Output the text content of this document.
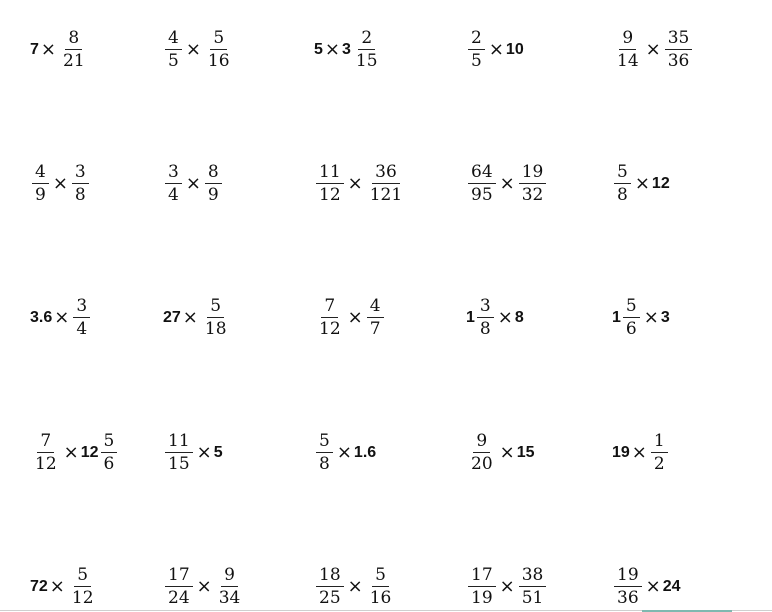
$7 \times \frac{8}{21}$	$\frac{4}{5} \times \frac{5}{16}$	$5 \times 3 \frac{2}{15}$	$\frac{2}{5} \times 10$	$\frac{9}{14} \times \frac{35}{36}$
$\frac{4}{9} \times \frac{3}{8}$	$\frac{3}{4} \times \frac{8}{9}$	$\frac{11}{12} \times \frac{36}{121}$	$\frac{64}{95} \times \frac{19}{32}$	$\frac{5}{8} \times 12$
$3.6 \times \frac{3}{4}$	$27 \times \frac{5}{18}$	$\frac{7}{12} \times \frac{4}{7}$	$1 \frac{3}{8} \times 8$	$1 \frac{5}{6} \times 3$
$\frac{7}{12} \times 12 \frac{5}{6}$	$\frac{11}{15} \times 5$	$\frac{5}{8} \times 1.6$	$\frac{9}{20} \times 15$	$19 \times \frac{1}{2}$
$72 \times \frac{5}{12}$	$\frac{17}{24} \times \frac{9}{34}$	$\frac{18}{25} \times \frac{5}{16}$	$\frac{17}{19} \times \frac{38}{51}$	$\frac{19}{36} \times 24$
